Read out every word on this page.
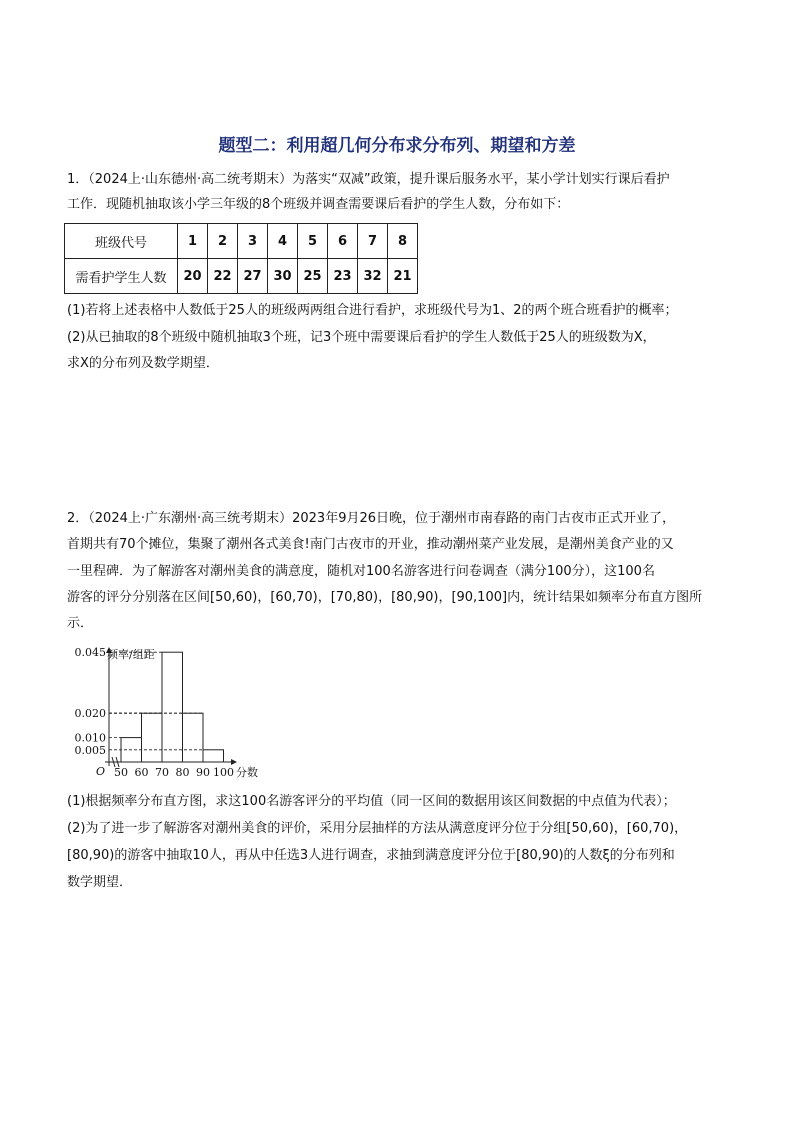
题型二：利用超几何分布求分布列、期望和方差

1．（2024上·山东德州·高二统考期末）为落实“双减”政策，提升课后服务水平，某小学计划实行课后看护

工作．现随机抽取该小学三年级的8个班级并调查需要课后看护的学生人数，分布如下：

班级代号	1	2	3	4	5	6	7	8
需看护学生人数	20	22	27	30	25	23	32	21

(1)若将上述表格中人数低于25人的班级两两组合进行看护，求班级代号为1、2的两个班合班看护的概率；

(2)从已抽取的8个班级中随机抽取3个班，记3个班中需要课后看护的学生人数低于25人的班级数为X，

求X的分布列及数学期望．

2．（2024上·广东潮州·高三统考期末）2023年9月26日晚，位于潮州市南春路的南门古夜市正式开业了，

首期共有70个摊位，集聚了潮州各式美食!南门古夜市的开业，推动潮州菜产业发展，是潮州美食产业的又

一里程碑．为了解游客对潮州美食的满意度，随机对100名游客进行问卷调查（满分100分），这100名

游客的评分分别落在区间[50,60)，[60,70)，[70,80)，[80,90)，[90,100]内，统计结果如频率分布直方图所

示．

频率/组距
分数
O
0.045
0.020
0.010
0.005
50 60 70 80 90 100

(1)根据频率分布直方图，求这100名游客评分的平均值（同一区间的数据用该区间数据的中点值为代表）；

(2)为了进一步了解游客对潮州美食的评价，采用分层抽样的方法从满意度评分位于分组[50,60)，[60,70)，

[80,90)的游客中抽取10人，再从中任选3人进行调查，求抽到满意度评分位于[80,90)的人数ξ的分布列和

数学期望．
